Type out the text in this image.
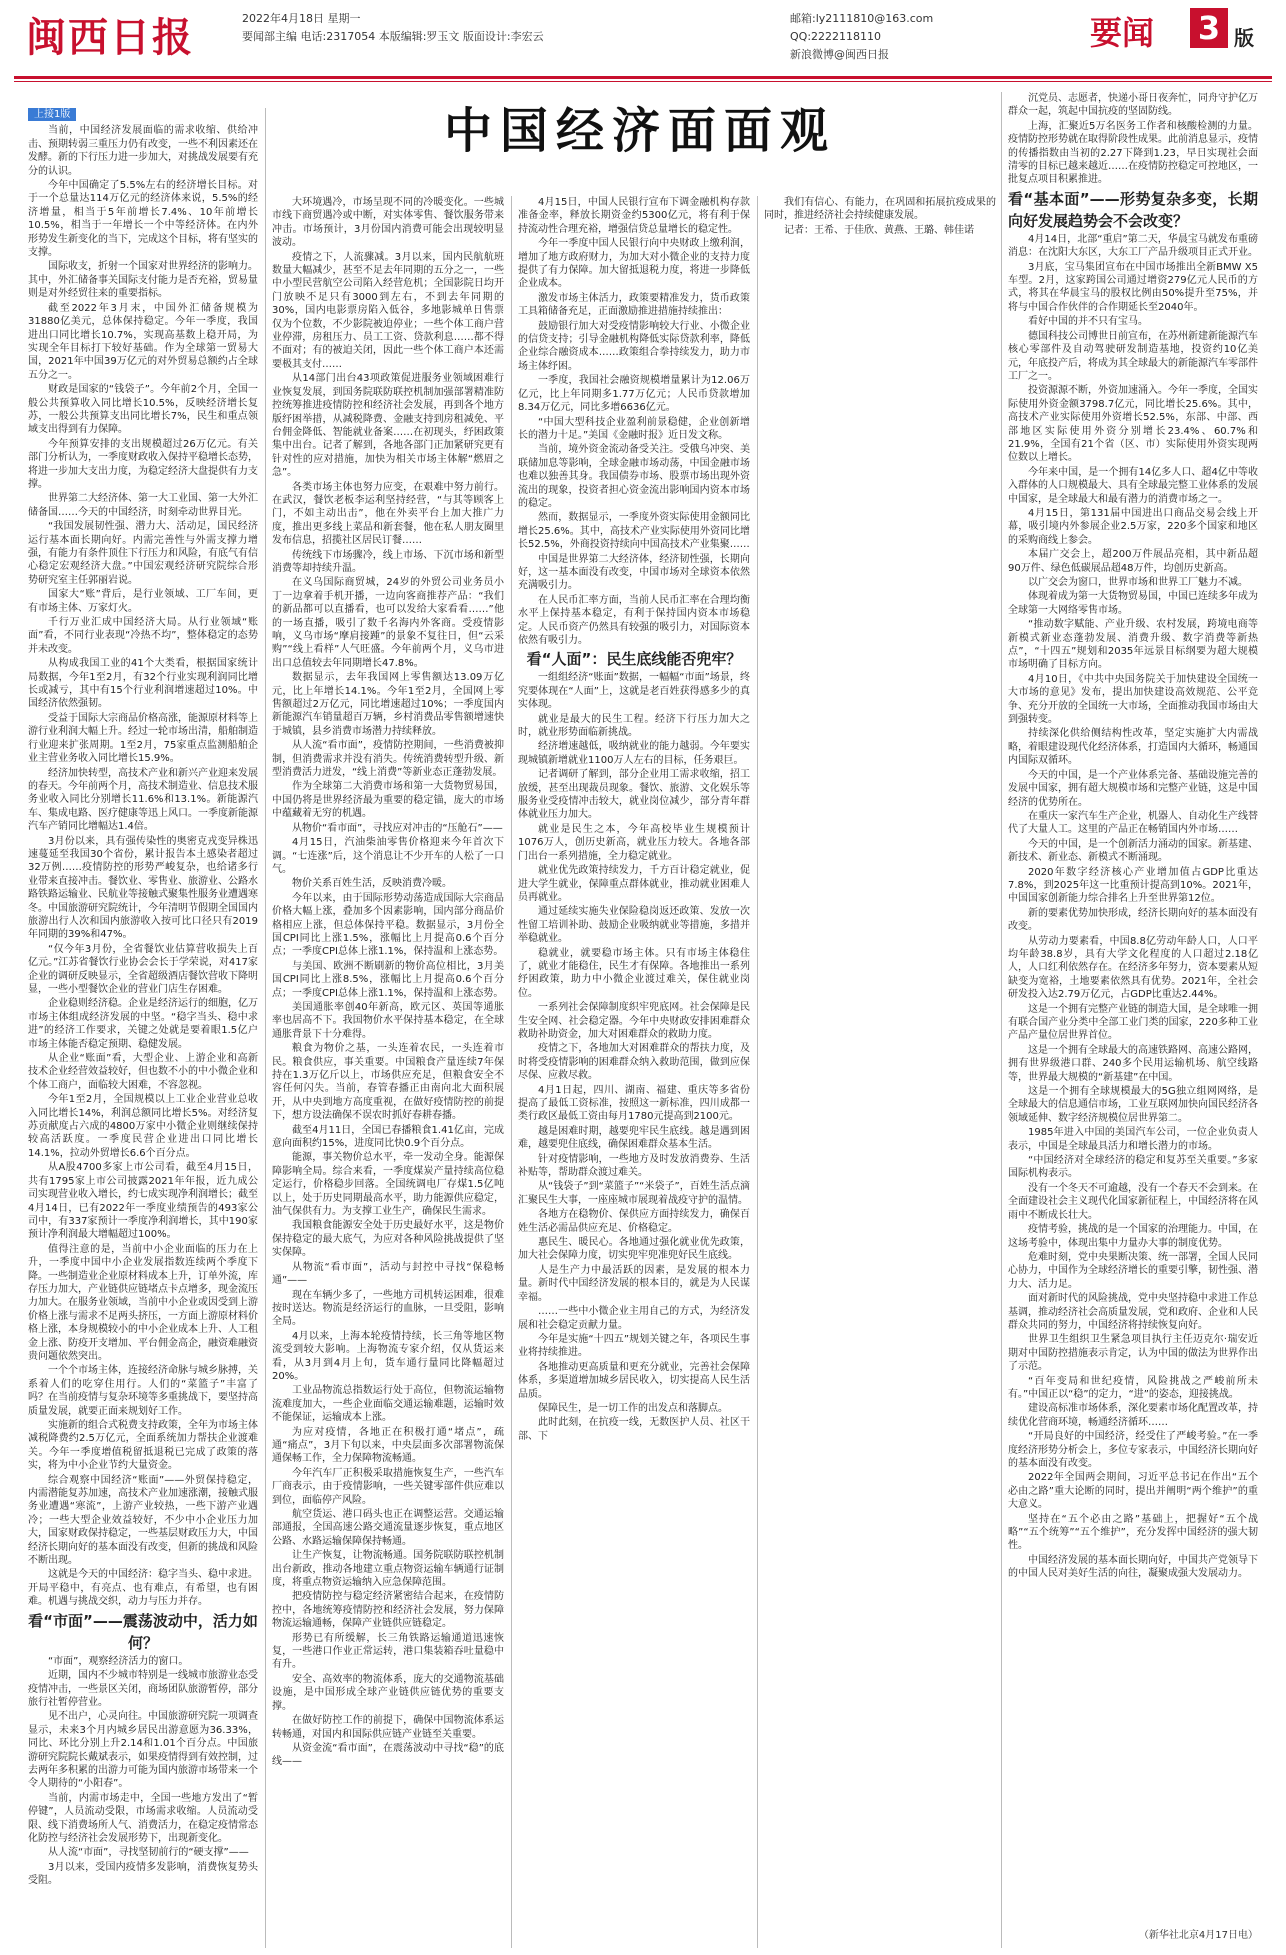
闽西日报	2022年4月18日 星期一
要闻部主编 电话:2317054 本版编辑:罗玉文 版面设计:李宏云
邮箱:ly2111810@163.com
QQ:2222118110
新浪微博@闽西日报
要闻 3 版
中国经济面面观
上接1版

当前，中国经济发展面临的需求收缩、供给冲击、预期转弱三重压力仍有改变，一些不利因素还在发酵。新的下行压力进一步加大，对挑战发展要有充分的认识。

今年中国确定了5.5%左右的经济增长目标。对于一个总量达114万亿元的经济体来说，5.5%的经济增量，相当于5年前增长7.4%、10年前增长10.5%，相当于一年增长一个中等经济体。在内外形势发生新变化的当下，完成这个目标，将有坚实的支撑。

国际收支，折射一个国家对世界经济的影响力。其中，外汇储备事关国际支付能力是否充裕，贸易量则是对外经贸往来的重要指标。

截至2022年3月末，中国外汇储备规模为31880亿美元，总体保持稳定。今年一季度，我国进出口同比增长10.7%，实现高基数上稳开局，为实现全年目标打下较好基础。作为全球第一贸易大国，2021年中国39万亿元的对外贸易总额约占全球五分之一。

财政是国家的“钱袋子”。今年前2个月，全国一般公共预算收入同比增长10.5%，反映经济增长复苏，一般公共预算支出同比增长7%，民生和重点领域支出得到有力保障。

今年预算安排的支出规模超过26万亿元。有关部门分析认为，一季度财政收入保持平稳增长态势，将进一步加大支出力度，为稳定经济大盘提供有力支撑。

世界第二大经济体、第一大工业国、第一大外汇储备国……今天的中国经济，时刻牵动世界目光。

“我国发展韧性强、潜力大、活动足，国民经济运行基本面长期向好。内需完善性与外需支撑力增强，有能力有条件顶住下行压力和风险，有底气有信心稳定宏观经济大盘。”中国宏观经济研究院综合形势研究室主任郭丽岩说。

国家大“账”背后，是行业领域、工厂车间，更有市场主体、万家灯火。

千行万业汇成中国经济大局。从行业领域“账面”看，不同行业表现“冷热不均”，整体稳定的态势并未改变。

从构成我国工业的41个大类看，根据国家统计局数据，今年1至2月，有32个行业实现利润同比增长或减亏，其中有15个行业利润增速超过10%。中国经济依然强韧。

受益于国际大宗商品价格高涨，能源原材料等上游行业利润大幅上升。经过一轮市场出清，船舶制造行业迎来扩张周期。1至2月，75家重点监测船舶企业主营业务收入同比增长15.9%。

经济加快转型，高技术产业和新兴产业迎来发展的春天。今年前两个月，高技术制造业、信息技术服务业收入同比分别增长11.6%和13.1%。新能源汽车、集成电路、医疗健康等迅上风口。一季度新能源汽车产销同比增幅达1.4倍。

3月份以来，具有强传染性的奥密克戎变异株迅速蔓延至我国30个省份，累计报告本土感染者超过32万例……疫情防控的形势严峻复杂，也给诸多行业带来直接冲击。餐饮业、零售业、旅游业、公路水路铁路运输业、民航业等接触式聚集性服务业遭遇寒冬。中国旅游研究院统计，今年清明节假期全国国内旅游出行人次和国内旅游收入按可比口径只有2019年同期的39%和47%。

“仅今年3月份，全省餐饮业估算营收损失上百亿元。”江苏省餐饮行业协会会长于学荣说，对417家企业的调研反映显示，全省超级酒店餐饮营收下降明显，一些小型餐饮企业的营业门店生存困难。

企业稳则经济稳。企业是经济运行的细胞，亿万市场主体组成经济发展的中坚。“稳字当头、稳中求进”的经济工作要求，关键之处就是要着眼1.5亿户市场主体能否稳定预期、稳健发展。

从企业“账面”看，大型企业、上游企业和高新技术企业经营效益较好，但也数不小的中小微企业和个体工商户，面临较大困难，不容忽视。

今年1至2月，全国规模以上工业企业营业总收入同比增长14%，利润总额同比增长5%。对经济复苏贡献度占六成的4800万家中小微企业则继续保持较高活跃度。一季度民营企业进出口同比增长14.1%，拉动外贸增长6.6个百分点。

从A股4700多家上市公司看，截至4月15日，共有1795家上市公司披露2021年年报，近九成公司实现营业收入增长，约七成实现净利润增长；截至4月14日，已有2022年一季度业绩预告的493家公司中，有337家预计一季度净利润增长，其中190家预计净利润最大增幅超过100%。

值得注意的是，当前中小企业面临的压力在上升，一季度中国中小企业发展指数连续两个季度下降。一些制造业企业原材料成本上升，订单外流，库存压力加大，产业链供应链堵点卡点增多，现金流压力加大。在服务业领域，当前中小企业或因受到上游价格上涨与需求不足两头挤压，一方面上游原材料价格上涨，本身规模较小的中小企业成本上升、人工租金上涨、防疫开支增加、平台佣金高企，融资难融资贵问题依然突出。

一个个市场主体，连接经济命脉与城乡脉搏，关系着人们的吃穿住用行。人们的“菜篮子”丰富了吗？在当前疫情与复杂环境等多重挑战下，要坚持高质量发展，就要正面来规划好工作。

实施新的组合式税费支持政策，全年为市场主体减税降费约2.5万亿元，全面系统加力帮扶企业渡难关。今年一季度增值税留抵退税已完成了政策的落实，将为中小企业节约大量资金。

综合观察中国经济“账面”——外贸保持稳定，内需潜能复苏加速，高技术产业加速涨潮，接触式服务业遭遇“寒流”，上游产业较热，一些下游产业遇冷；一些大型企业效益较好，不少中小企业压力加大，国家财政保持稳定，一些基层财政压力大，中国经济长期向好的基本面没有改变，但新的挑战和风险不断出现。

这就是今天的中国经济：稳字当头、稳中求进。开局平稳中，有亮点、也有难点，有希望，也有困难。机遇与挑战交织，动力与压力并存。

看“市面”——震荡波动中，活力如何？

“市面”，观察经济活力的窗口。

近期，国内不少城市特别是一线城市旅游业态受疫情冲击，一些景区关闭，商场团队旅游暂停，部分旅行社暂停营业。

见不出户，心灵向往。中国旅游研究院一项调查显示，未来3个月内城乡居民出游意愿为36.33%，同比、环比分别上升2.14和1.01个百分点。中国旅游研究院院长戴斌表示，如果疫情得到有效控制，过去两年多积累的出游力可能为国内旅游市场带来一个令人期待的“小阳春”。

当前，内需市场走中，全国一些地方发出了“暂停键”，人员流动受限，市场需求收缩。人员流动受限、线下消费场所人气、消费活力，在稳定疫情常态化防控与经济社会发展形势下，出现新变化。

从人流“市面”，寻找坚韧前行的“硬支撑”——

3月以来，受国内疫情多发影响，消费恢复势头受阻。

大环境遇冷，市场呈现不同的冷暖变化。一些城市线下商贸遇冷或中断，对实体零售、餐饮服务带来冲击。市场预计，3月份国内消费可能会出现较明显波动。

疫情之下，人流骤减。3月以来，国内民航航班数量大幅减少，甚至不足去年同期的五分之一，一些中小型民营航空公司陷入经营危机；全国影院日均开门放映不足只有3000到左右，不到去年同期的30%，国内电影票房陷入低谷，多地影城单日售票仅为个位数，不少影院被迫停业；一些个体工商户营业停滞，房租压力、员工工资、贷款利息……都不得不面对；有的被迫关闭，因此一些个体工商户本还需要极其支付……

从14部门出台43项政策促进服务业领域困难行业恢复发展，到国务院联防联控机制加强部署精准防控统筹推进疫情防控和经济社会发展，再到各个地方版纾困举措，从减税降费、金融支持到房租减免、平台佣金降低、智能就业备案……在初现头，纾困政策集中出台。记者了解到，各地各部门正加紧研究更有针对性的应对措施，加快为相关市场主体解“燃眉之急”。

各类市场主体也努力应变，在艰难中努力前行。在武汉，餐饮老板李运利坚持经营，“与其等顾客上门，不如主动出击”，他在外卖平台上加大推广力度，推出更多线上菜品和新套餐，他在私人朋友圈里发布信息，招揽社区居民订餐……

传统线下市场骤冷，线上市场、下沉市场和新型消费等却持续升温。

在义乌国际商贸城，24岁的外贸公司业务员小丁一边拿着手机开播，一边向客商推荐产品：“我们的新品都可以直播看，也可以发给大家看看……”他的一场直播，吸引了数千名海内外客商。受疫情影响，义乌市场“摩肩接踵”的景象不复往日，但“云采购”“线上看样”人气旺盛。今年前两个月，义乌市进出口总值较去年同期增长47.8%。

数据显示，去年我国网上零售额达13.09万亿元，比上年增长14.1%。今年1至2月，全国网上零售额超过2万亿元，同比增速超过10%；一季度国内新能源汽车销量超百万辆，乡村消费品零售额增速快于城镇，县乡消费市场潜力持续释放。

从人流“看市面”，疫情防控期间，一些消费被抑制，但消费需求并没有消失。传统消费转型升级、新型消费活力迸发，“线上消费”等新业态正蓬勃发展。

作为全球第二大消费市场和第一大货物贸易国，中国仍将是世界经济最为重要的稳定锚，庞大的市场中蕴藏着无穷的机遇。

从物价“看市面”，寻找应对冲击的“压舱石”——

4月15日，汽油柴油零售价格迎来今年首次下调。“七连涨”后，这个消息让不少开车的人松了一口气。

物价关系百姓生活，反映消费冷暖。

今年以来，由于国际形势动荡造成国际大宗商品价格大幅上涨，叠加多个因素影响，国内部分商品价格相应上涨，但总体保持平稳。数据显示，3月份全国CPI同比上涨1.5%，涨幅比上月提高0.6个百分点；一季度CPI总体上涨1.1%，保持温和上涨态势。

与美国、欧洲不断刷新的物价高位相比，3月美国CPI同比上涨8.5%，涨幅比上月提高0.6个百分点；一季度CPI总体上涨1.1%，保持温和上涨态势。

美国通胀率创40年新高，欧元区、英国等通胀率也居高不下。我国物价水平保持基本稳定，在全球通胀背景下十分难得。

粮食为物价之基，一头连着农民，一头连着市民。粮食供应，事关重要。中国粮食产量连续7年保持在1.3万亿斤以上，市场供应充足，但粮食安全不容任何闪失。当前，春管春播正由南向北大面积展开，从中央到地方高度重视，在做好疫情防控的前提下，想方设法确保不误农时抓好春耕春播。

截至4月11日，全国已春播粮食1.41亿亩，完成意向面积约15%，进度同比快0.9个百分点。

能源，事关物价总水平，牵一发动全身。能源保障影响全局。综合来看，一季度煤炭产量持续高位稳定运行，价格稳步回落。全国统调电厂存煤1.5亿吨以上，处于历史同期最高水平，助力能源供应稳定，油气保供有力。为支撑工业生产，确保民生需求。

我国粮食能源安全处于历史最好水平，这是物价保持稳定的最大底气，为应对各种风险挑战提供了坚实保障。

从物流“看市面”，活动与封控中寻找“保稳畅通”——

现在车辆少多了，一些地方司机转运困难，很难按时送达。物流是经济运行的血脉，一旦受阻，影响全局。

4月以来，上海本轮疫情持续，长三角等地区物流受到较大影响。上海物流专家介绍，仅从货运来看，从3月到4月上旬，货车通行量同比降幅超过20%。

工业品物流总指数运行处于高位，但物流运输物流难度加大，一些企业面临交通运输难题，运输时效不能保证，运输成本上涨。

为应对疫情，各地正在积极打通“堵点”，疏通“痛点”，3月下旬以来，中央层面多次部署物流保通保畅工作，全力保障物流畅通。

今年汽车厂正积极采取措施恢复生产，一些汽车厂商表示，由于疫情影响，一些关键零部件供应难以到位，面临停产风险。

航空货运、港口码头也正在调整运营。交通运输部通报，全国高速公路交通流量逐步恢复，重点地区公路、水路运输保障保持畅通。

让生产恢复，让物流畅通。国务院联防联控机制出台新政，推动各地建立重点物资运输车辆通行证制度，将重点物资运输纳入应急保障范围。

把疫情防控与稳定经济紧密结合起来，在疫情防控中，各地统筹疫情防控和经济社会发展，努力保障物流运输通畅，保障产业链供应链稳定。

形势已有所缓解，长三角铁路运输通道迅速恢复，一些港口作业正常运转，港口集装箱吞吐量稳中有升。

安全、高效率的物流体系，庞大的交通物流基础设施，是中国形成全球产业链供应链优势的重要支撑。

在做好防控工作的前提下，确保中国物流体系运转畅通，对国内和国际供应链产业链至关重要。

从资金流“看市面”，在震荡波动中寻找“稳”的底线——

4月15日，中国人民银行宣布下调金融机构存款准备金率，释放长期资金约5300亿元，将有利于保持流动性合理充裕，增强信贷总量增长的稳定性。

今年一季度中国人民银行向中央财政上缴利润，增加了地方政府财力，为加大对小微企业的支持力度提供了有力保障。加大留抵退税力度，将进一步降低企业成本。

激发市场主体活力，政策要精准发力，货币政策工具箱储备充足，正面激励推进措施持续推出：

鼓励银行加大对受疫情影响较大行业、小微企业的信贷支持；引导金融机构降低实际贷款利率，降低企业综合融资成本……政策组合拳持续发力，助力市场主体纾困。

一季度，我国社会融资规模增量累计为12.06万亿元，比上年同期多1.77万亿元；人民币贷款增加8.34万亿元，同比多增6636亿元。

“中国大型科技企业盈利前景稳健，企业创新增长的潜力十足。”美国《金融时报》近日发文称。

当前，境外资金流动备受关注。受俄乌冲突、美联储加息等影响，全球金融市场动荡，中国金融市场也难以独善其身。我国债券市场、股票市场出现外资流出的现象，投资者担心资金流出影响国内资本市场的稳定。

然而，数据显示，一季度外资实际使用金额同比增长25.6%。其中，高技术产业实际使用外资同比增长52.5%，外商投资持续向中国高技术产业集聚……

中国是世界第二大经济体，经济韧性强，长期向好，这一基本面没有改变，中国市场对全球资本依然充满吸引力。

在人民币汇率方面，当前人民币汇率在合理均衡水平上保持基本稳定，有利于保持国内资本市场稳定。人民币资产仍然具有较强的吸引力，对国际资本依然有吸引力。

看“人面”：民生底线能否兜牢？

一组组经济“账面”数据，一幅幅“市面”场景，终究要体现在“人面”上，这就是老百姓获得感多少的真实体现。

就业是最大的民生工程。经济下行压力加大之时，就业形势面临新挑战。

经济增速越低，吸纳就业的能力越弱。今年要实现城镇新增就业1100万人左右的目标，任务艰巨。

记者调研了解到，部分企业用工需求收缩，招工放缓，甚至出现裁员现象。餐饮、旅游、文化娱乐等服务业受疫情冲击较大，就业岗位减少，部分青年群体就业压力加大。

就业是民生之本，今年高校毕业生规模预计1076万人，创历史新高，就业压力较大。各地各部门出台一系列措施，全力稳定就业。

就业优先政策持续发力，千方百计稳定就业，促进大学生就业，保障重点群体就业，推动就业困难人员再就业。

通过延续实施失业保险稳岗返还政策、发放一次性留工培训补助、鼓励企业吸纳就业等措施，多措并举稳就业。

稳就业，就要稳市场主体。只有市场主体稳住了，就业才能稳住，民生才有保障。各地推出一系列纾困政策，助力中小微企业渡过难关，保住就业岗位。

一系列社会保障制度织牢兜底网。社会保障是民生安全网、社会稳定器。今年中央财政安排困难群众救助补助资金，加大对困难群众的救助力度。

疫情之下，各地加大对困难群众的帮扶力度，及时将受疫情影响的困难群众纳入救助范围，做到应保尽保、应救尽救。

4月1日起，四川、湖南、福建、重庆等多省份提高了最低工资标准，按照这一新标准，四川成都一类行政区最低工资由每月1780元提高到2100元。

越是困难时期，越要兜牢民生底线。越是遇到困难，越要兜住底线，确保困难群众基本生活。

针对疫情影响，一些地方及时发放消费券、生活补贴等，帮助群众渡过难关。

从“钱袋子”到“菜篮子”“米袋子”，百姓生活点滴汇聚民生大事，一座座城市展现着战疫守护的温情。

各地方在稳物价、保供应方面持续发力，确保百姓生活必需品供应充足、价格稳定。

惠民生、暖民心。各地通过强化就业优先政策，加大社会保障力度，切实兜牢兜准兜好民生底线。

人是生产力中最活跃的因素，是发展的根本力量。新时代中国经济发展的根本目的，就是为人民谋幸福。

……一些中小微企业主用自己的方式，为经济发展和社会稳定贡献力量。

今年是实施“十四五”规划关键之年，各项民生事业将持续推进。

各地推动更高质量和更充分就业，完善社会保障体系，多渠道增加城乡居民收入，切实提高人民生活品质。

保障民生，是一切工作的出发点和落脚点。

此时此刻，在抗疫一线，无数医护人员、社区干部、下

沉党员、志愿者，快递小哥日夜奔忙，同舟守护亿万群众一起，筑起中国抗疫的坚固防线。

上海，汇聚近5万名医务工作者和核酸检测的力量。疫情防控形势就在取得阶段性成果。此前消息显示，疫情的传播指数由当初的2.27下降到1.23，早日实现社会面清零的目标已越来越近……在疫情防控稳定可控地区，一批复点项目积累推进。

看“基本面”——形势复杂多变，长期向好发展趋势会不会改变？

4月14日，北部“重启”第二天，华晨宝马就发布重磅消息：在沈阳大东区，大东工厂产品升级项目正式开业。

3月底，宝马集团宣布在中国市场推出全新BMW X5车型。2月，这家跨国公司通过增资279亿元人民币的方式，将其在华晨宝马的股权比例由50%提升至75%，并将与中国合作伙伴的合作期延长至2040年。

看好中国的并不只有宝马。

德国科技公司博世日前宣布，在苏州新建新能源汽车核心零部件及自动驾驶研发制造基地，投资约10亿美元，年底投产后，将成为其全球最大的新能源汽车零部件工厂之一。

投资源源不断，外资加速涌入。今年一季度，全国实际使用外资金额3798.7亿元，同比增长25.6%。其中，高技术产业实际使用外资增长52.5%，东部、中部、西部地区实际使用外资分别增长23.4%、60.7%和21.9%，全国有21个省（区、市）实际使用外资实现两位数以上增长。

今年来中国，是一个拥有14亿多人口、超4亿中等收入群体的人口规模最大、具有全球最完整工业体系的发展中国家，是全球最大和最有潜力的消费市场之一。

4月15日，第131届中国进出口商品交易会线上开幕，吸引境内外参展企业2.5万家，220多个国家和地区的采购商线上参会。

本届广交会上，超200万件展品亮相，其中新品超90万件、绿色低碳展品超48万件，均创历史新高。

以广交会为窗口，世界市场和世界工厂魅力不减。

体现着成为第一大货物贸易国，中国已连续多年成为全球第一大网络零售市场。

“推动数字赋能、产业升级、农村发展，跨境电商等新模式新业态蓬勃发展、消费升级、数字消费等新热点”，“十四五”规划和2035年远景目标纲要为超大规模市场明确了目标方向。

4月10日，《中共中央国务院关于加快建设全国统一大市场的意见》发布，提出加快建设高效规范、公平竞争、充分开放的全国统一大市场，全面推动我国市场由大到强转变。

持续深化供给侧结构性改革，坚定实施扩大内需战略，着眼建设现代化经济体系，打造国内大循环，畅通国内国际双循环。

今天的中国，是一个产业体系完备、基础设施完善的发展中国家，拥有超大规模市场和完整产业链，这是中国经济的优势所在。

在重庆一家汽车生产企业，机器人、自动化生产线替代了大量人工。这里的产品正在畅销国内外市场……

今天的中国，是一个创新活力涌动的国家。新基建、新技术、新业态、新模式不断涌现。

2020年数字经济核心产业增加值占GDP比重达7.8%，到2025年这一比重预计提高到10%。2021年，中国国家创新能力综合排名上升至世界第12位。

新的要素优势加快形成，经济长期向好的基本面没有改变。

从劳动力要素看，中国8.8亿劳动年龄人口，人口平均年龄38.8岁，具有大学文化程度的人口超过2.18亿人，人口红利依然存在。在经济多年努力，资本要素从短缺变为宽裕，土地要素依然具有优势。2021年，全社会研发投入达2.79万亿元，占GDP比重达2.44%。

这是一个拥有完整产业链的制造大国，是全球唯一拥有联合国产业分类中全部工业门类的国家，220多种工业产品产量位居世界首位。

这是一个拥有全球最大的高速铁路网、高速公路网，拥有世界级港口群、240多个民用运输机场、航空线路等，世界最大规模的“新基建”在中国。

这是一个拥有全球规模最大的5G独立组网网络，是全球最大的信息通信市场，工业互联网加快向国民经济各领域延伸、数字经济规模位居世界第二。

1985年进入中国的美国汽车公司，一位企业负责人表示，中国是全球最具活力和增长潜力的市场。

“中国经济对全球经济的稳定和复苏至关重要。”多家国际机构表示。

没有一个冬天不可逾越，没有一个春天不会到来。在全面建设社会主义现代化国家新征程上，中国经济将在风雨中不断成长壮大。

疫情考验，挑战的是一个国家的治理能力。中国，在这场考验中，体现出集中力量办大事的制度优势。

危难时刻，党中央果断决策、统一部署，全国人民同心协力，中国作为全球经济增长的重要引擎，韧性强、潜力大、活力足。

面对新时代的风险挑战，党中央坚持稳中求进工作总基调，推动经济社会高质量发展，党和政府、企业和人民群众共同的努力，中国经济将持续恢复向好。

世界卫生组织卫生紧急项目执行主任迈克尔·瑞安近期对中国防控措施表示肯定，认为中国的做法为世界作出了示范。

“百年变局和世纪疫情，风险挑战之严峻前所未有。”中国正以“稳”的定力，“进”的姿态，迎接挑战。

建设高标准市场体系，深化要素市场化配置改革，持续优化营商环境，畅通经济循环……

“开局良好的中国经济，经受住了严峻考验。”在一季度经济形势分析会上，多位专家表示，中国经济长期向好的基本面没有改变。

2022年全国两会期间，习近平总书记在作出“五个必由之路”重大论断的同时，提出并阐明“两个维护”的重大意义。

坚持在“五个必由之路”基础上，把握好“五个战略”“五个统筹”“五个维护”，充分发挥中国经济的强大韧性。

中国经济发展的基本面长期向好，中国共产党领导下的中国人民对美好生活的向往，凝聚成强大发展动力。

我们有信心、有能力，在巩固和拓展抗疫成果的同时，推进经济社会持续健康发展。

记者：王希、于佳欣、黄燕、王璐、韩佳诺

（新华社北京4月17日电）
